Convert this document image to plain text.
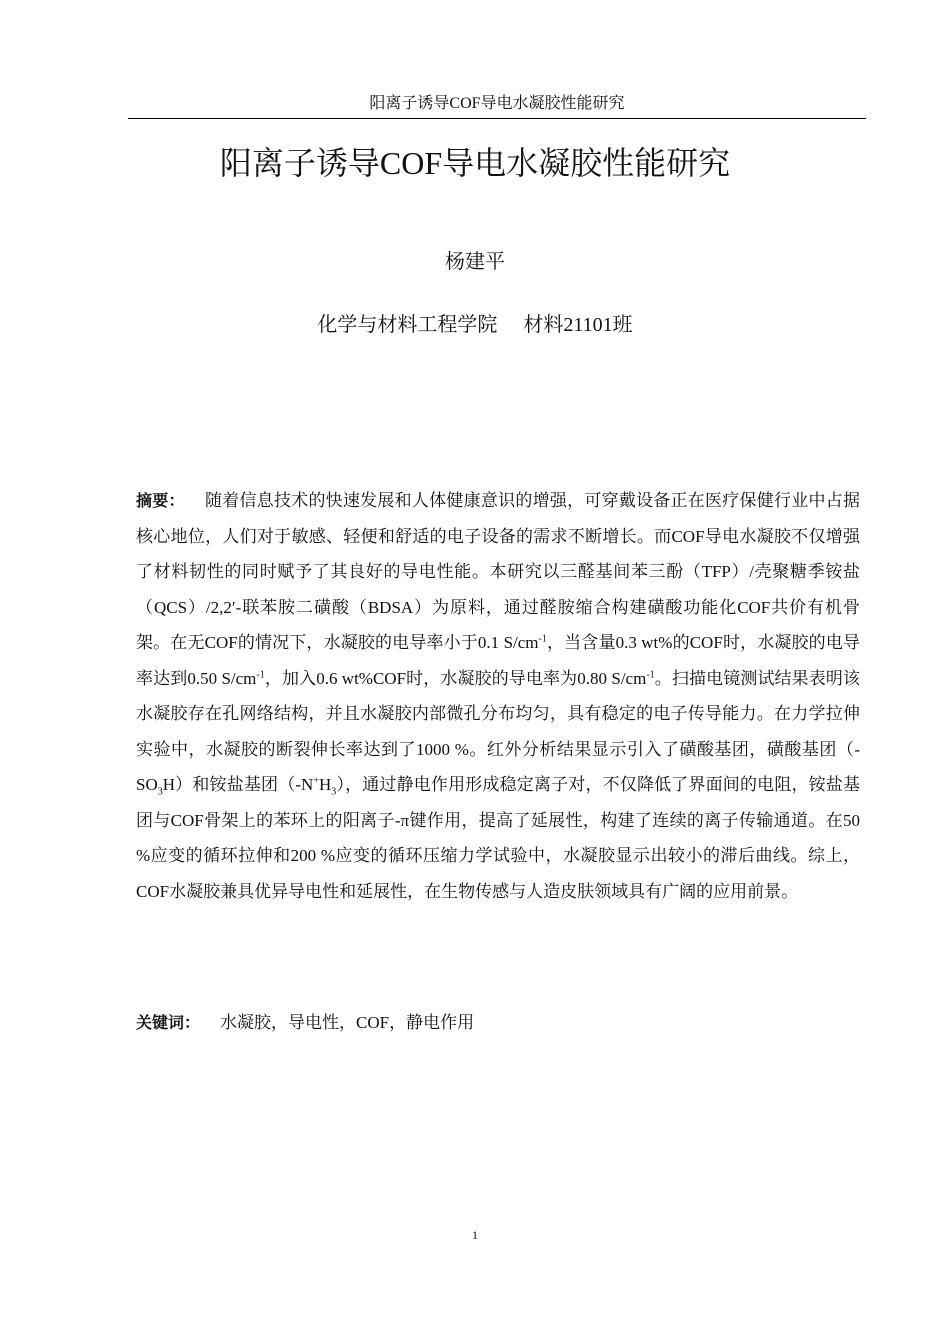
阳离子诱导COF导电水凝胶性能研究
阳离子诱导COF导电水凝胶性能研究
杨建平
化学与材料工程学院 材料21101班
摘要： 随着信息技术的快速发展和人体健康意识的增强，可穿戴设备正在医疗保健行业中占据核心地位，人们对于敏感、轻便和舒适的电子设备的需求不断增长。而COF导电水凝胶不仅增强了材料韧性的同时赋予了其良好的导电性能。本研究以三醛基间苯三酚（TFP）/壳聚糖季铵盐（QCS）/2,2′-联苯胺二磺酸（BDSA）为原料，通过醛胺缩合构建磺酸功能化COF共价有机骨架。在无COF的情况下，水凝胶的电导率小于0.1 $S/cm^{-1}$，当含量0.3 wt%的COF时，水凝胶的电导率达到0.50 $S/cm^{-1}$，加入0.6 wt%COF时，水凝胶的导电率为0.80 $S/cm^{-1}$。扫描电镜测试结果表明该水凝胶存在孔网络结构，并且水凝胶内部微孔分布均匀，具有稳定的电子传导能力。在力学拉伸实验中，水凝胶的断裂伸长率达到了1000 %。红外分析结果显示引入了磺酸基团，磺酸基团$(-SO_3H)$和铵盐基团$(-N^+H_3)$，通过静电作用形成稳定离子对，不仅降低了界面间的电阻，铵盐基团与COF骨架上的苯环上的阳离子-π键作用，提高了延展性，构建了连续的离子传输通道。在50 %应变的循环拉伸和200 %应变的循环压缩力学试验中，水凝胶显示出较小的滞后曲线。综上，COF水凝胶兼具优异导电性和延展性，在生物传感与人造皮肤领域具有广阔的应用前景。
关键词： 水凝胶，导电性，COF，静电作用
1
